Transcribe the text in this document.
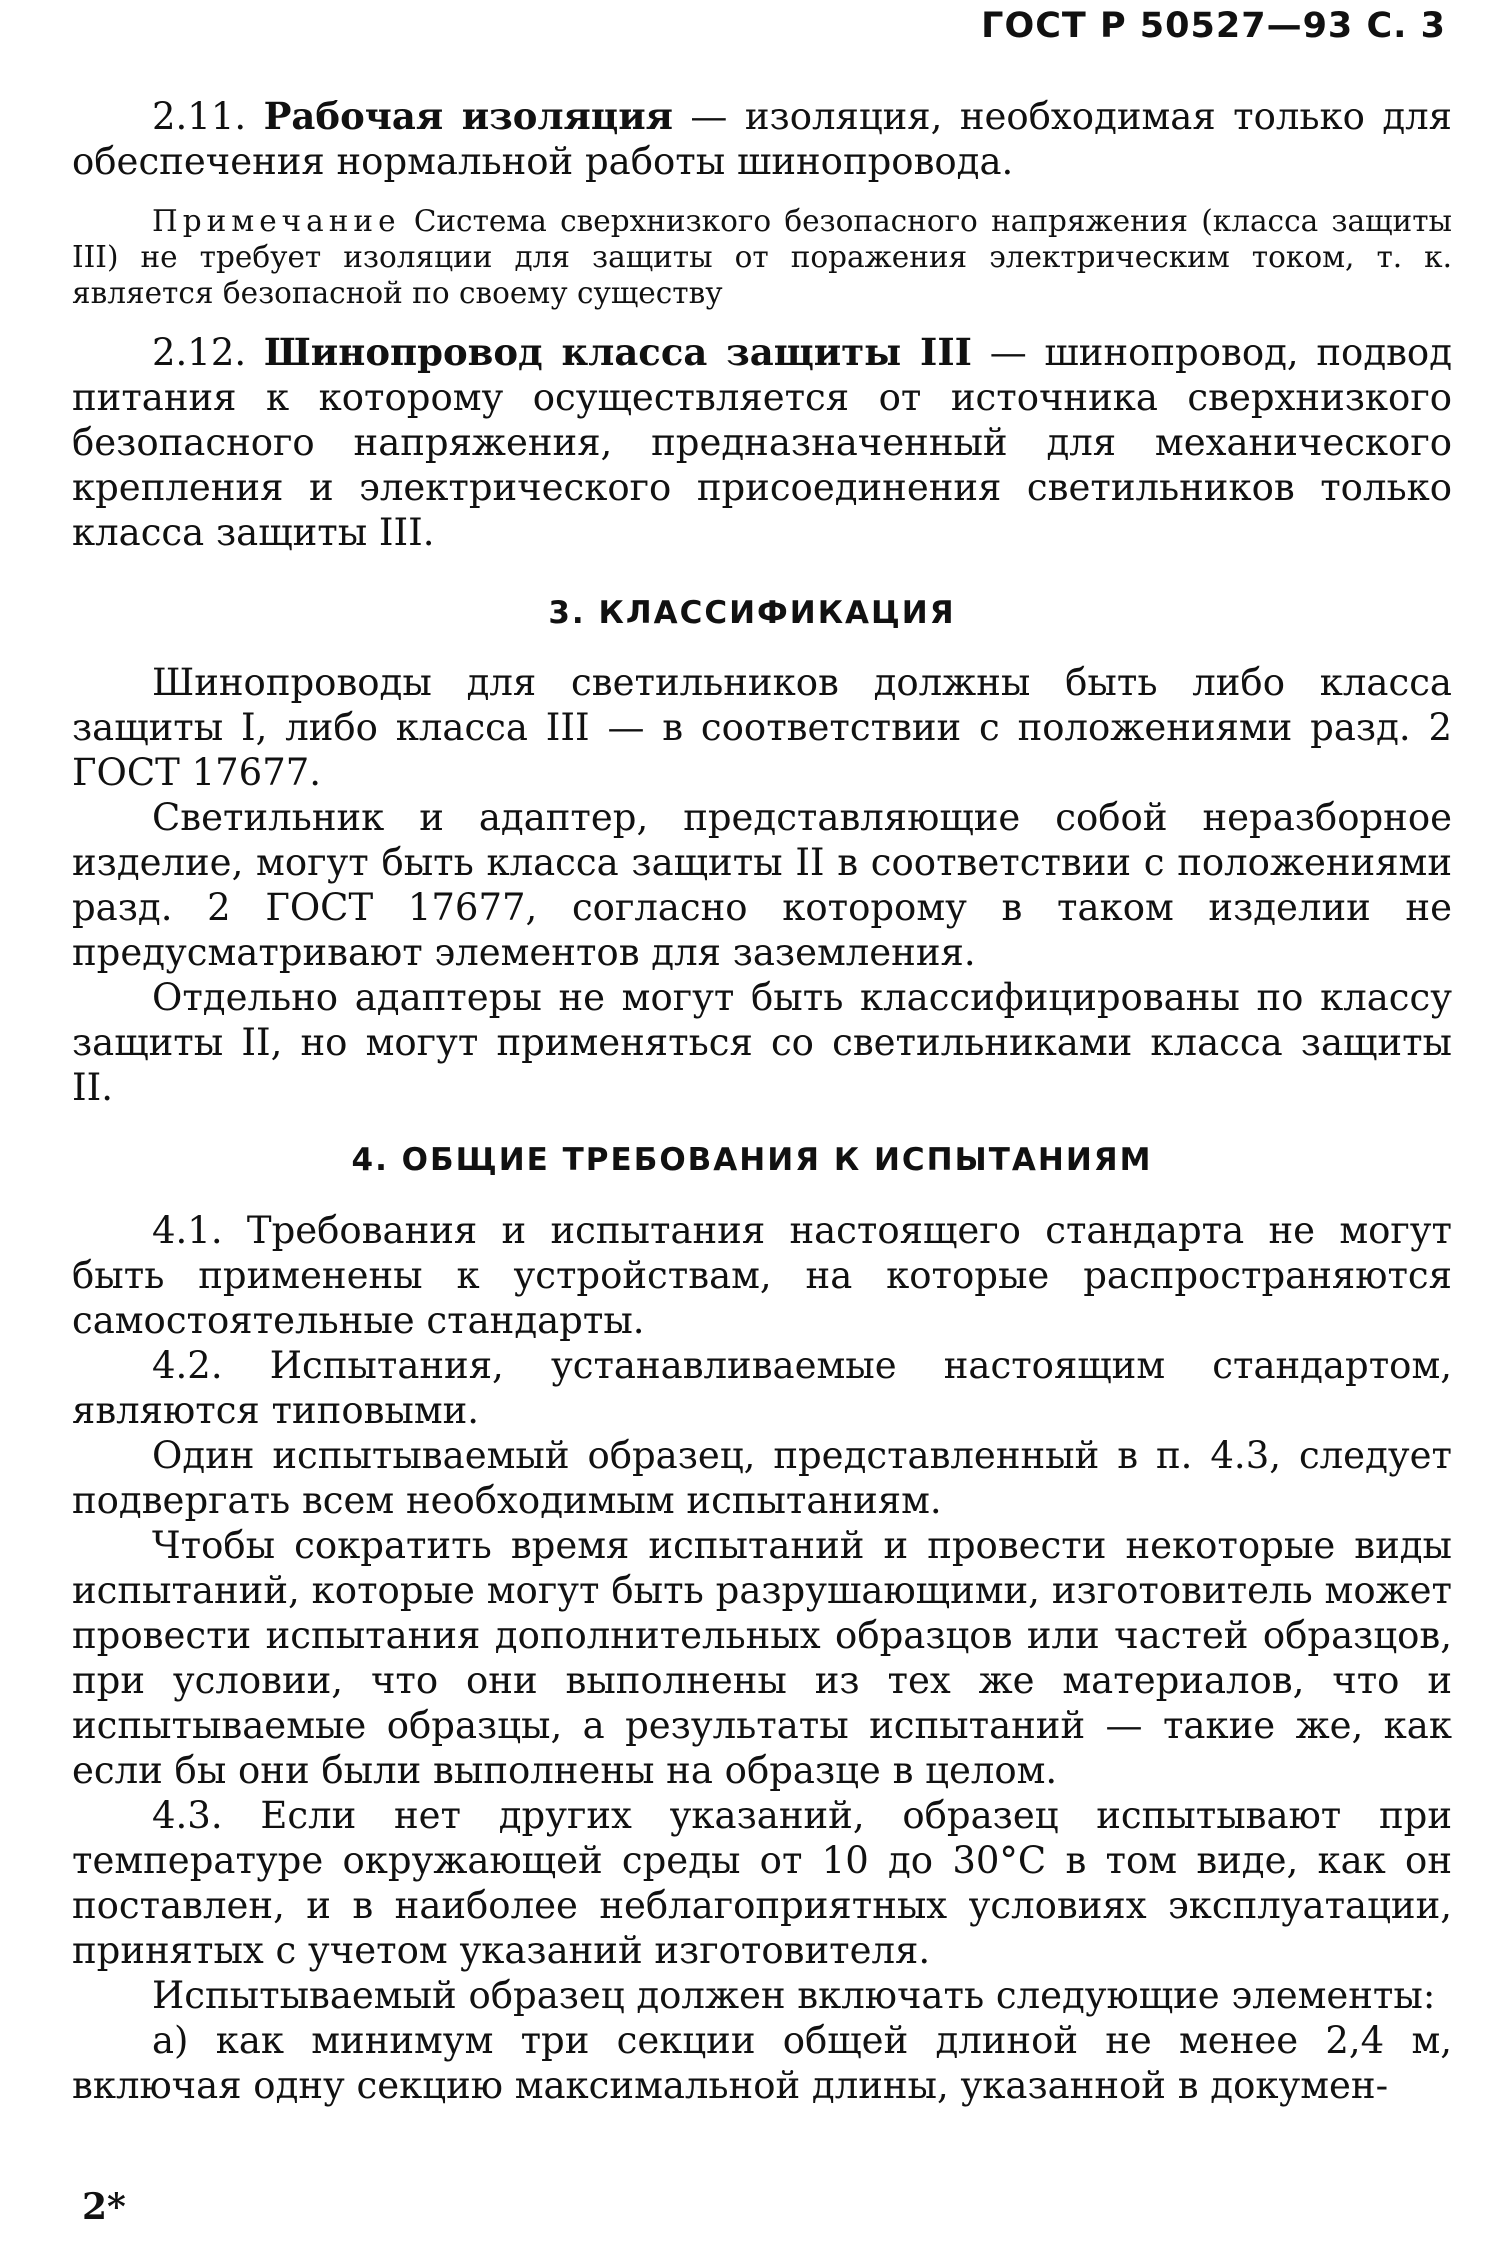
ГОСТ Р 50527—93 С. 3

2.11. Рабочая изоляция — изоляция, необходимая только для обеспечения нормальной работы шинопровода.

Примечание Система сверхнизкого безопасного напряжения (класса защиты III) не требует изоляции для защиты от поражения электрическим током, т. к. является безопасной по своему существу

2.12. Шинопровод класса защиты III — шинопровод, подвод питания к которому осуществляется от источника сверхнизкого безопасного напряжения, предназначенный для механического крепления и электрического присоединения светильников только класса защиты III.

3. КЛАССИФИКАЦИЯ

Шинопроводы для светильников должны быть либо класса защиты I, либо класса III — в соответствии с положениями разд. 2 ГОСТ 17677.

Светильник и адаптер, представляющие собой неразборное изделие, могут быть класса защиты II в соответствии с положениями разд. 2 ГОСТ 17677, согласно которому в таком изделии не предусматривают элементов для заземления.

Отдельно адаптеры не могут быть классифицированы по классу защиты II, но могут применяться со светильниками класса защиты II.

4. ОБЩИЕ ТРЕБОВАНИЯ К ИСПЫТАНИЯМ

4.1. Требования и испытания настоящего стандарта не могут быть применены к устройствам, на которые распространяются самостоятельные стандарты.

4.2. Испытания, устанавливаемые настоящим стандартом, являются типовыми.

Один испытываемый образец, представленный в п. 4.3, следует подвергать всем необходимым испытаниям.

Чтобы сократить время испытаний и провести некоторые виды испытаний, которые могут быть разрушающими, изготовитель может провести испытания дополнительных образцов или частей образцов, при условии, что они выполнены из тех же материалов, что и испытываемые образцы, а результаты испытаний — такие же, как если бы они были выполнены на образце в целом.

4.3. Если нет других указаний, образец испытывают при температуре окружающей среды от 10 до 30°С в том виде, как он поставлен, и в наиболее неблагоприятных условиях эксплуатации, принятых с учетом указаний изготовителя.

Испытываемый образец должен включать следующие элементы:

а) как минимум три секции общей длиной не менее 2,4 м, включая одну секцию максимальной длины, указанной в докумен-

2*
